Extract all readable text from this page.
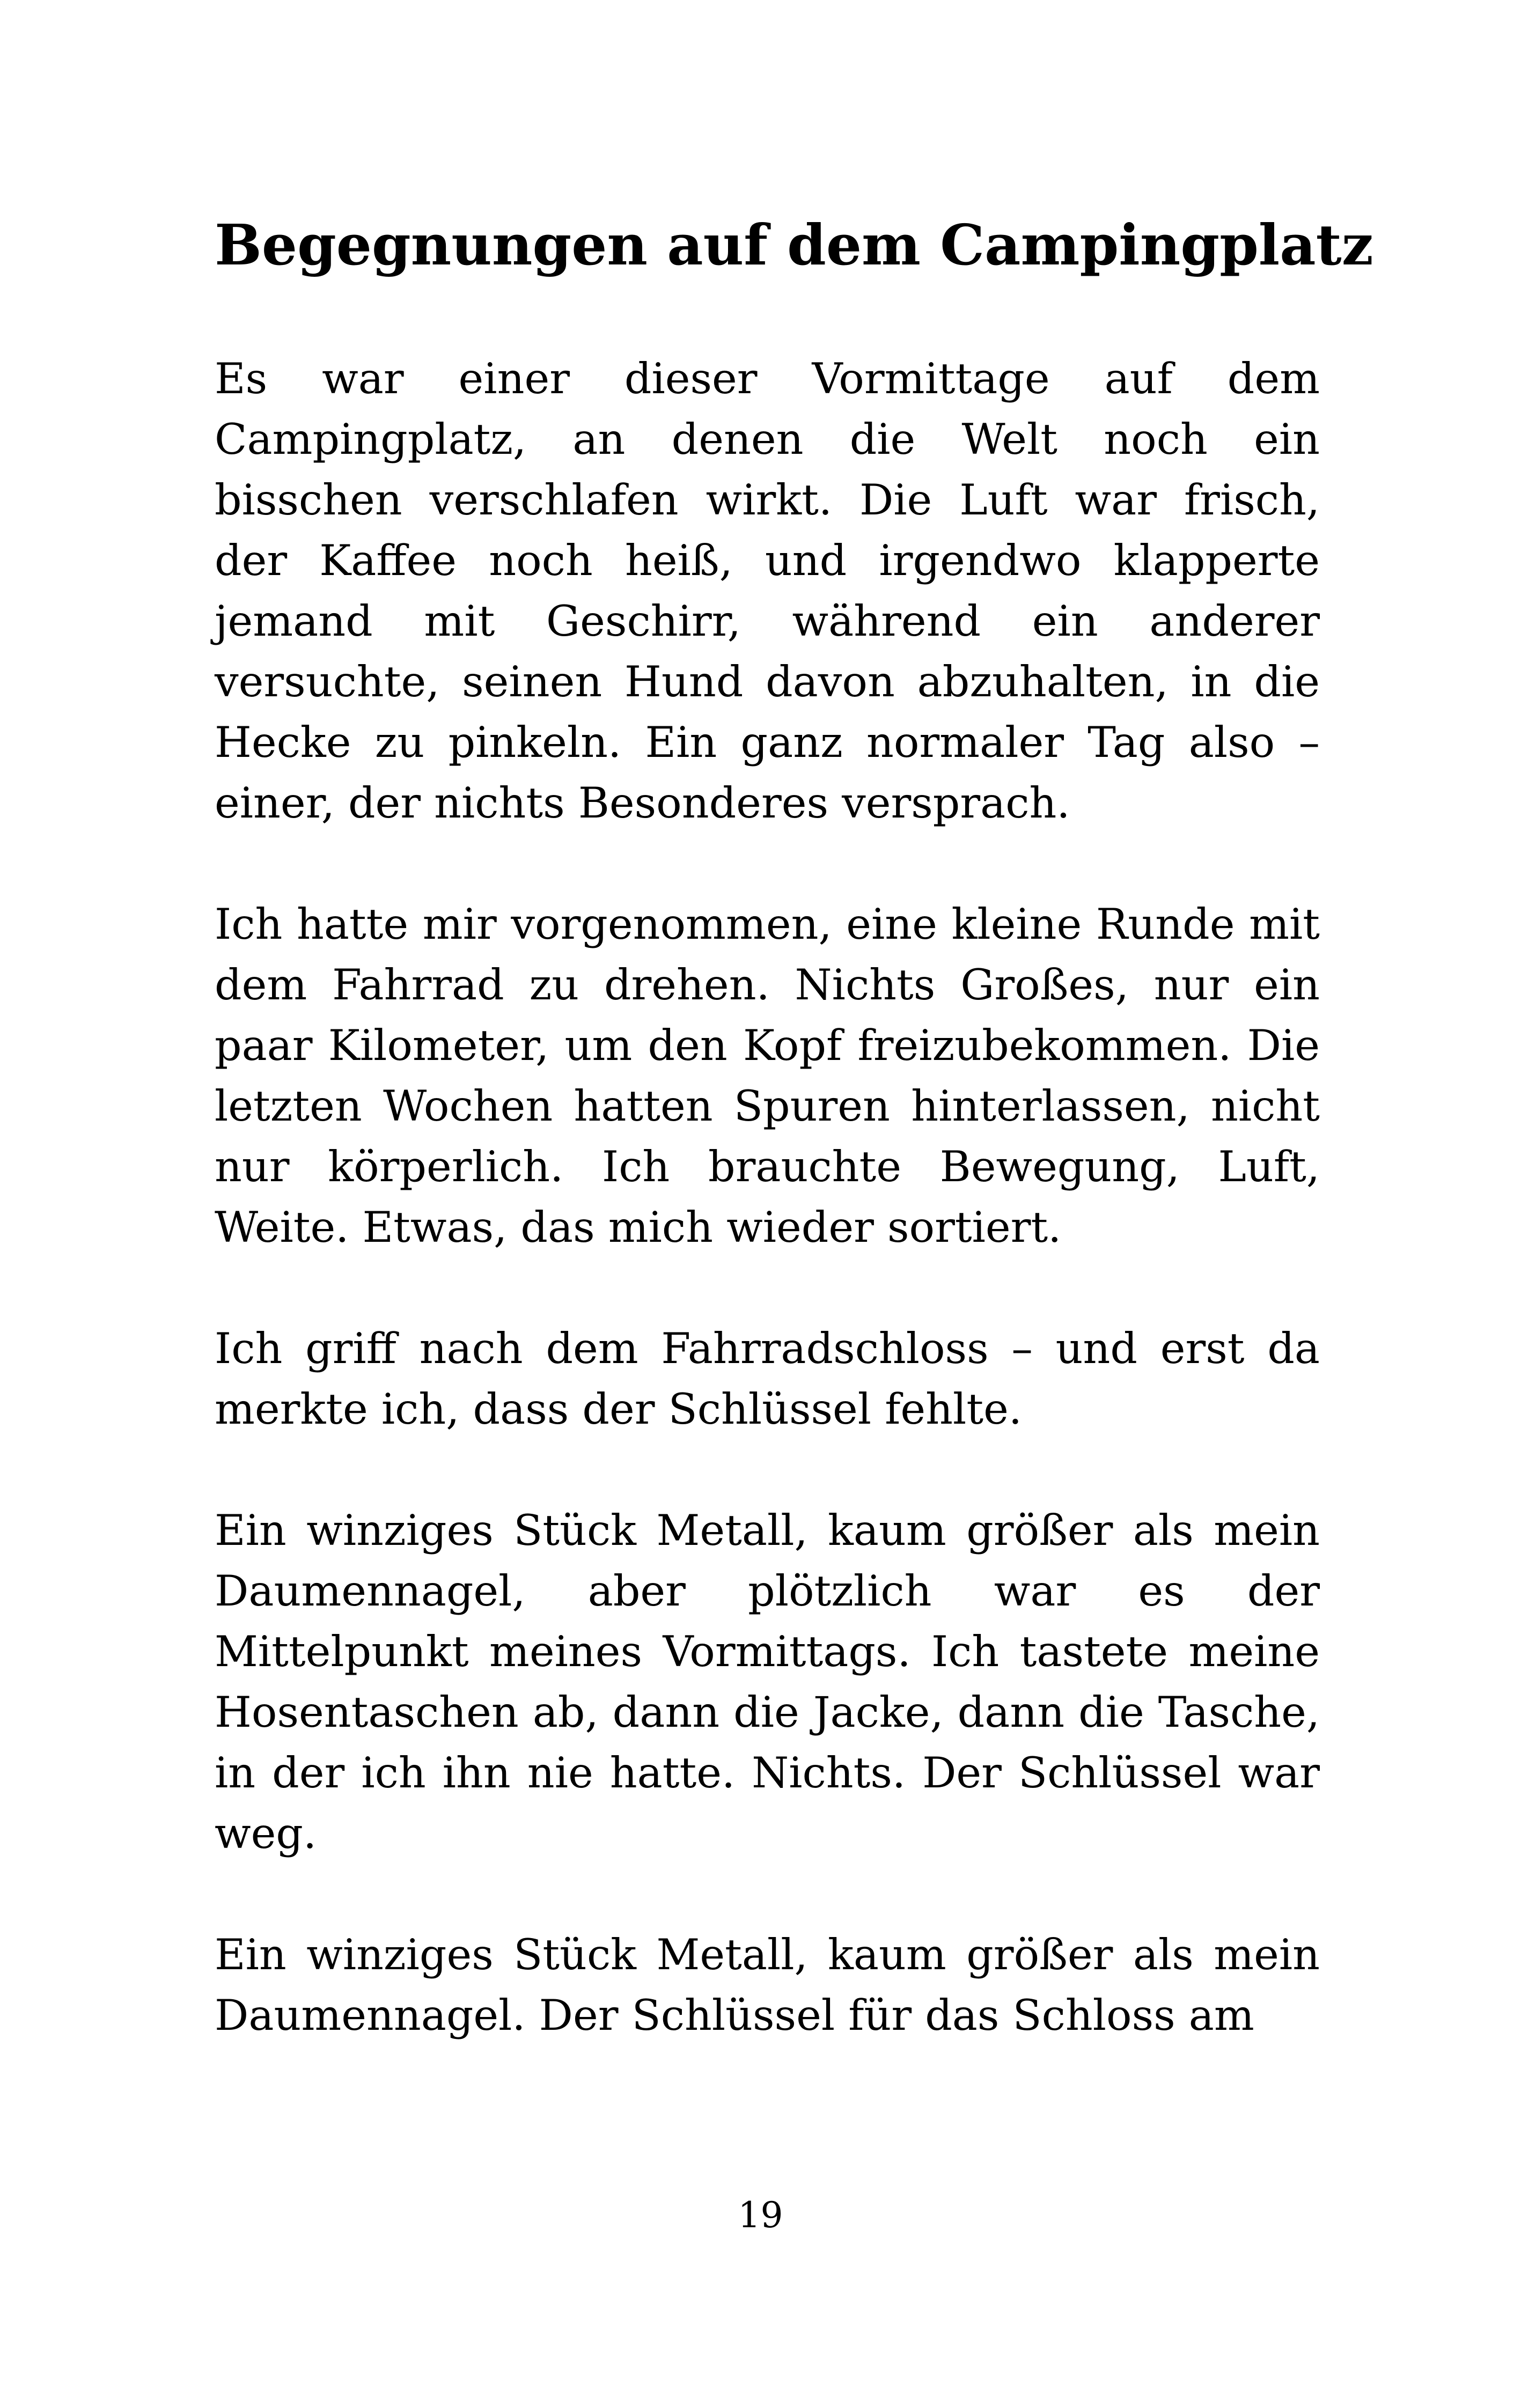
Begegnungen auf dem Campingplatz

Es war einer dieser Vormittage auf dem Campingplatz, an denen die Welt noch ein bisschen verschlafen wirkt. Die Luft war frisch, der Kaffee noch heiß, und irgendwo klapperte jemand mit Geschirr, während ein anderer versuchte, seinen Hund davon abzuhalten, in die Hecke zu pinkeln. Ein ganz normaler Tag also – einer, der nichts Besonderes versprach.

Ich hatte mir vorgenommen, eine kleine Runde mit dem Fahrrad zu drehen. Nichts Großes, nur ein paar Kilometer, um den Kopf freizubekommen. Die letzten Wochen hatten Spuren hinterlassen, nicht nur körperlich. Ich brauchte Bewegung, Luft, Weite. Etwas, das mich wieder sortiert.

Ich griff nach dem Fahrradschloss – und erst da merkte ich, dass der Schlüssel fehlte.

Ein winziges Stück Metall, kaum größer als mein Daumennagel, aber plötzlich war es der Mittelpunkt meines Vormittags. Ich tastete meine Hosentaschen ab, dann die Jacke, dann die Tasche, in der ich ihn nie hatte. Nichts. Der Schlüssel war weg.

Ein winziges Stück Metall, kaum größer als mein Daumennagel. Der Schlüssel für das Schloss am

19
